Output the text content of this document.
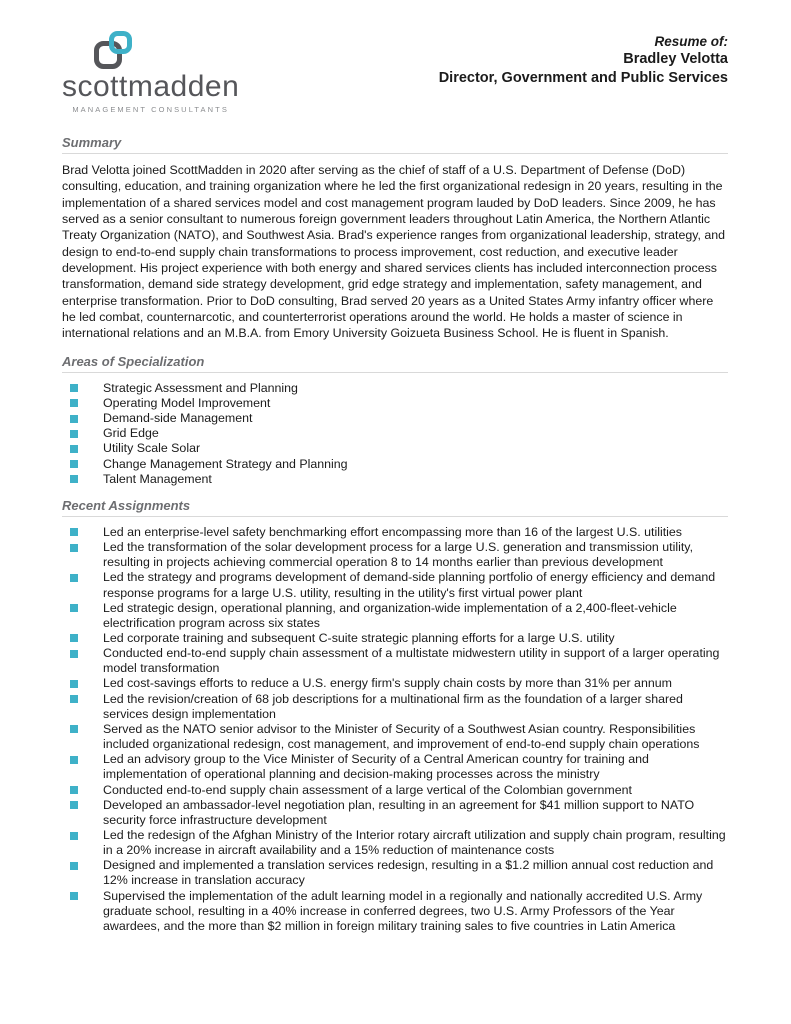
scottmadden
MANAGEMENT CONSULTANTS
Resume of:
Bradley Velotta
Director, Government and Public Services
Summary
Brad Velotta joined ScottMadden in 2020 after serving as the chief of staff of a U.S. Department of Defense (DoD) consulting, education, and training organization where he led the first organizational redesign in 20 years, resulting in the implementation of a shared services model and cost management program lauded by DoD leaders. Since 2009, he has served as a senior consultant to numerous foreign government leaders throughout Latin America, the Northern Atlantic Treaty Organization (NATO), and Southwest Asia. Brad's experience ranges from organizational leadership, strategy, and design to end-to-end supply chain transformations to process improvement, cost reduction, and executive leader development. His project experience with both energy and shared services clients has included interconnection process transformation, demand side strategy development, grid edge strategy and implementation, safety management, and enterprise transformation. Prior to DoD consulting, Brad served 20 years as a United States Army infantry officer where he led combat, counternarcotic, and counterterrorist operations around the world. He holds a master of science in international relations and an M.B.A. from Emory University Goizueta Business School. He is fluent in Spanish.
Areas of Specialization
Strategic Assessment and Planning
Operating Model Improvement
Demand-side Management
Grid Edge
Utility Scale Solar
Change Management Strategy and Planning
Talent Management
Recent Assignments
Led an enterprise-level safety benchmarking effort encompassing more than 16 of the largest U.S. utilities
Led the transformation of the solar development process for a large U.S. generation and transmission utility, resulting in projects achieving commercial operation 8 to 14 months earlier than previous development
Led the strategy and programs development of demand-side planning portfolio of energy efficiency and demand response programs for a large U.S. utility, resulting in the utility's first virtual power plant
Led strategic design, operational planning, and organization-wide implementation of a 2,400-fleet-vehicle electrification program across six states
Led corporate training and subsequent C-suite strategic planning efforts for a large U.S. utility
Conducted end-to-end supply chain assessment of a multistate midwestern utility in support of a larger operating model transformation
Led cost-savings efforts to reduce a U.S. energy firm's supply chain costs by more than 31% per annum
Led the revision/creation of 68 job descriptions for a multinational firm as the foundation of a larger shared services design implementation
Served as the NATO senior advisor to the Minister of Security of a Southwest Asian country. Responsibilities included organizational redesign, cost management, and improvement of end-to-end supply chain operations
Led an advisory group to the Vice Minister of Security of a Central American country for training and implementation of operational planning and decision-making processes across the ministry
Conducted end-to-end supply chain assessment of a large vertical of the Colombian government
Developed an ambassador-level negotiation plan, resulting in an agreement for $41 million support to NATO security force infrastructure development
Led the redesign of the Afghan Ministry of the Interior rotary aircraft utilization and supply chain program, resulting in a 20% increase in aircraft availability and a 15% reduction of maintenance costs
Designed and implemented a translation services redesign, resulting in a $1.2 million annual cost reduction and 12% increase in translation accuracy
Supervised the implementation of the adult learning model in a regionally and nationally accredited U.S. Army graduate school, resulting in a 40% increase in conferred degrees, two U.S. Army Professors of the Year awardees, and the more than $2 million in foreign military training sales to five countries in Latin America
